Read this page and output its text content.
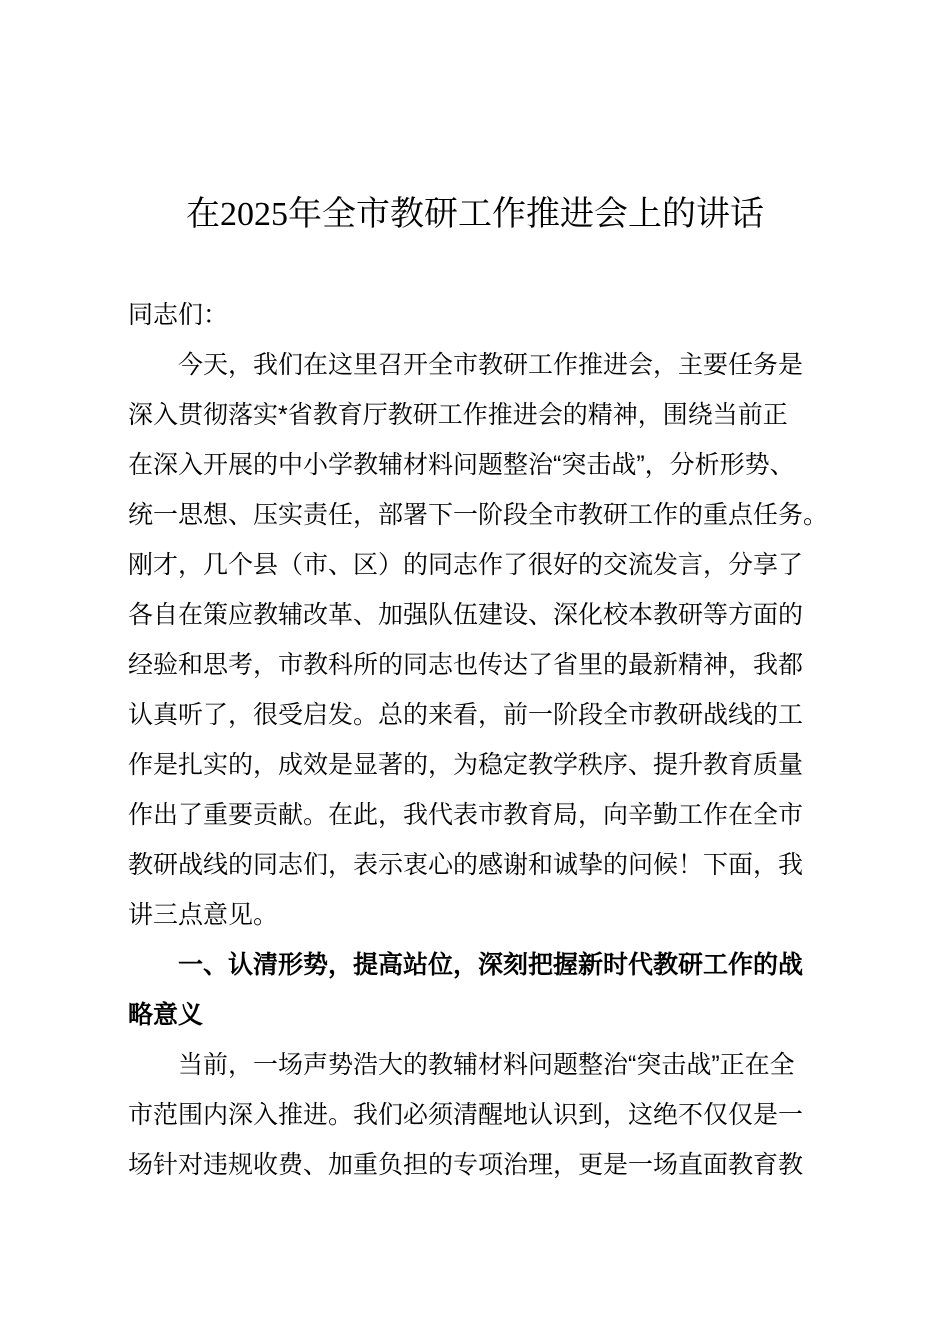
在2025年全市教研工作推进会上的讲话
同志们：
今天，我们在这里召开全市教研工作推进会，主要任务是
深入贯彻落实*省教育厅教研工作推进会的精神，围绕当前正
在深入开展的中小学教辅材料问题整治“突击战”，分析形势、
统一思想、压实责任，部署下一阶段全市教研工作的重点任务。
刚才，几个县（市、区）的同志作了很好的交流发言，分享了
各自在策应教辅改革、加强队伍建设、深化校本教研等方面的
经验和思考，市教科所的同志也传达了省里的最新精神，我都
认真听了，很受启发。总的来看，前一阶段全市教研战线的工
作是扎实的，成效是显著的，为稳定教学秩序、提升教育质量
作出了重要贡献。在此，我代表市教育局，向辛勤工作在全市
教研战线的同志们，表示衷心的感谢和诚挚的问候！下面，我
讲三点意见。
一、认清形势，提高站位，深刻把握新时代教研工作的战
略意义
当前，一场声势浩大的教辅材料问题整治“突击战”正在全
市范围内深入推进。我们必须清醒地认识到，这绝不仅仅是一
场针对违规收费、加重负担的专项治理，更是一场直面教育教
